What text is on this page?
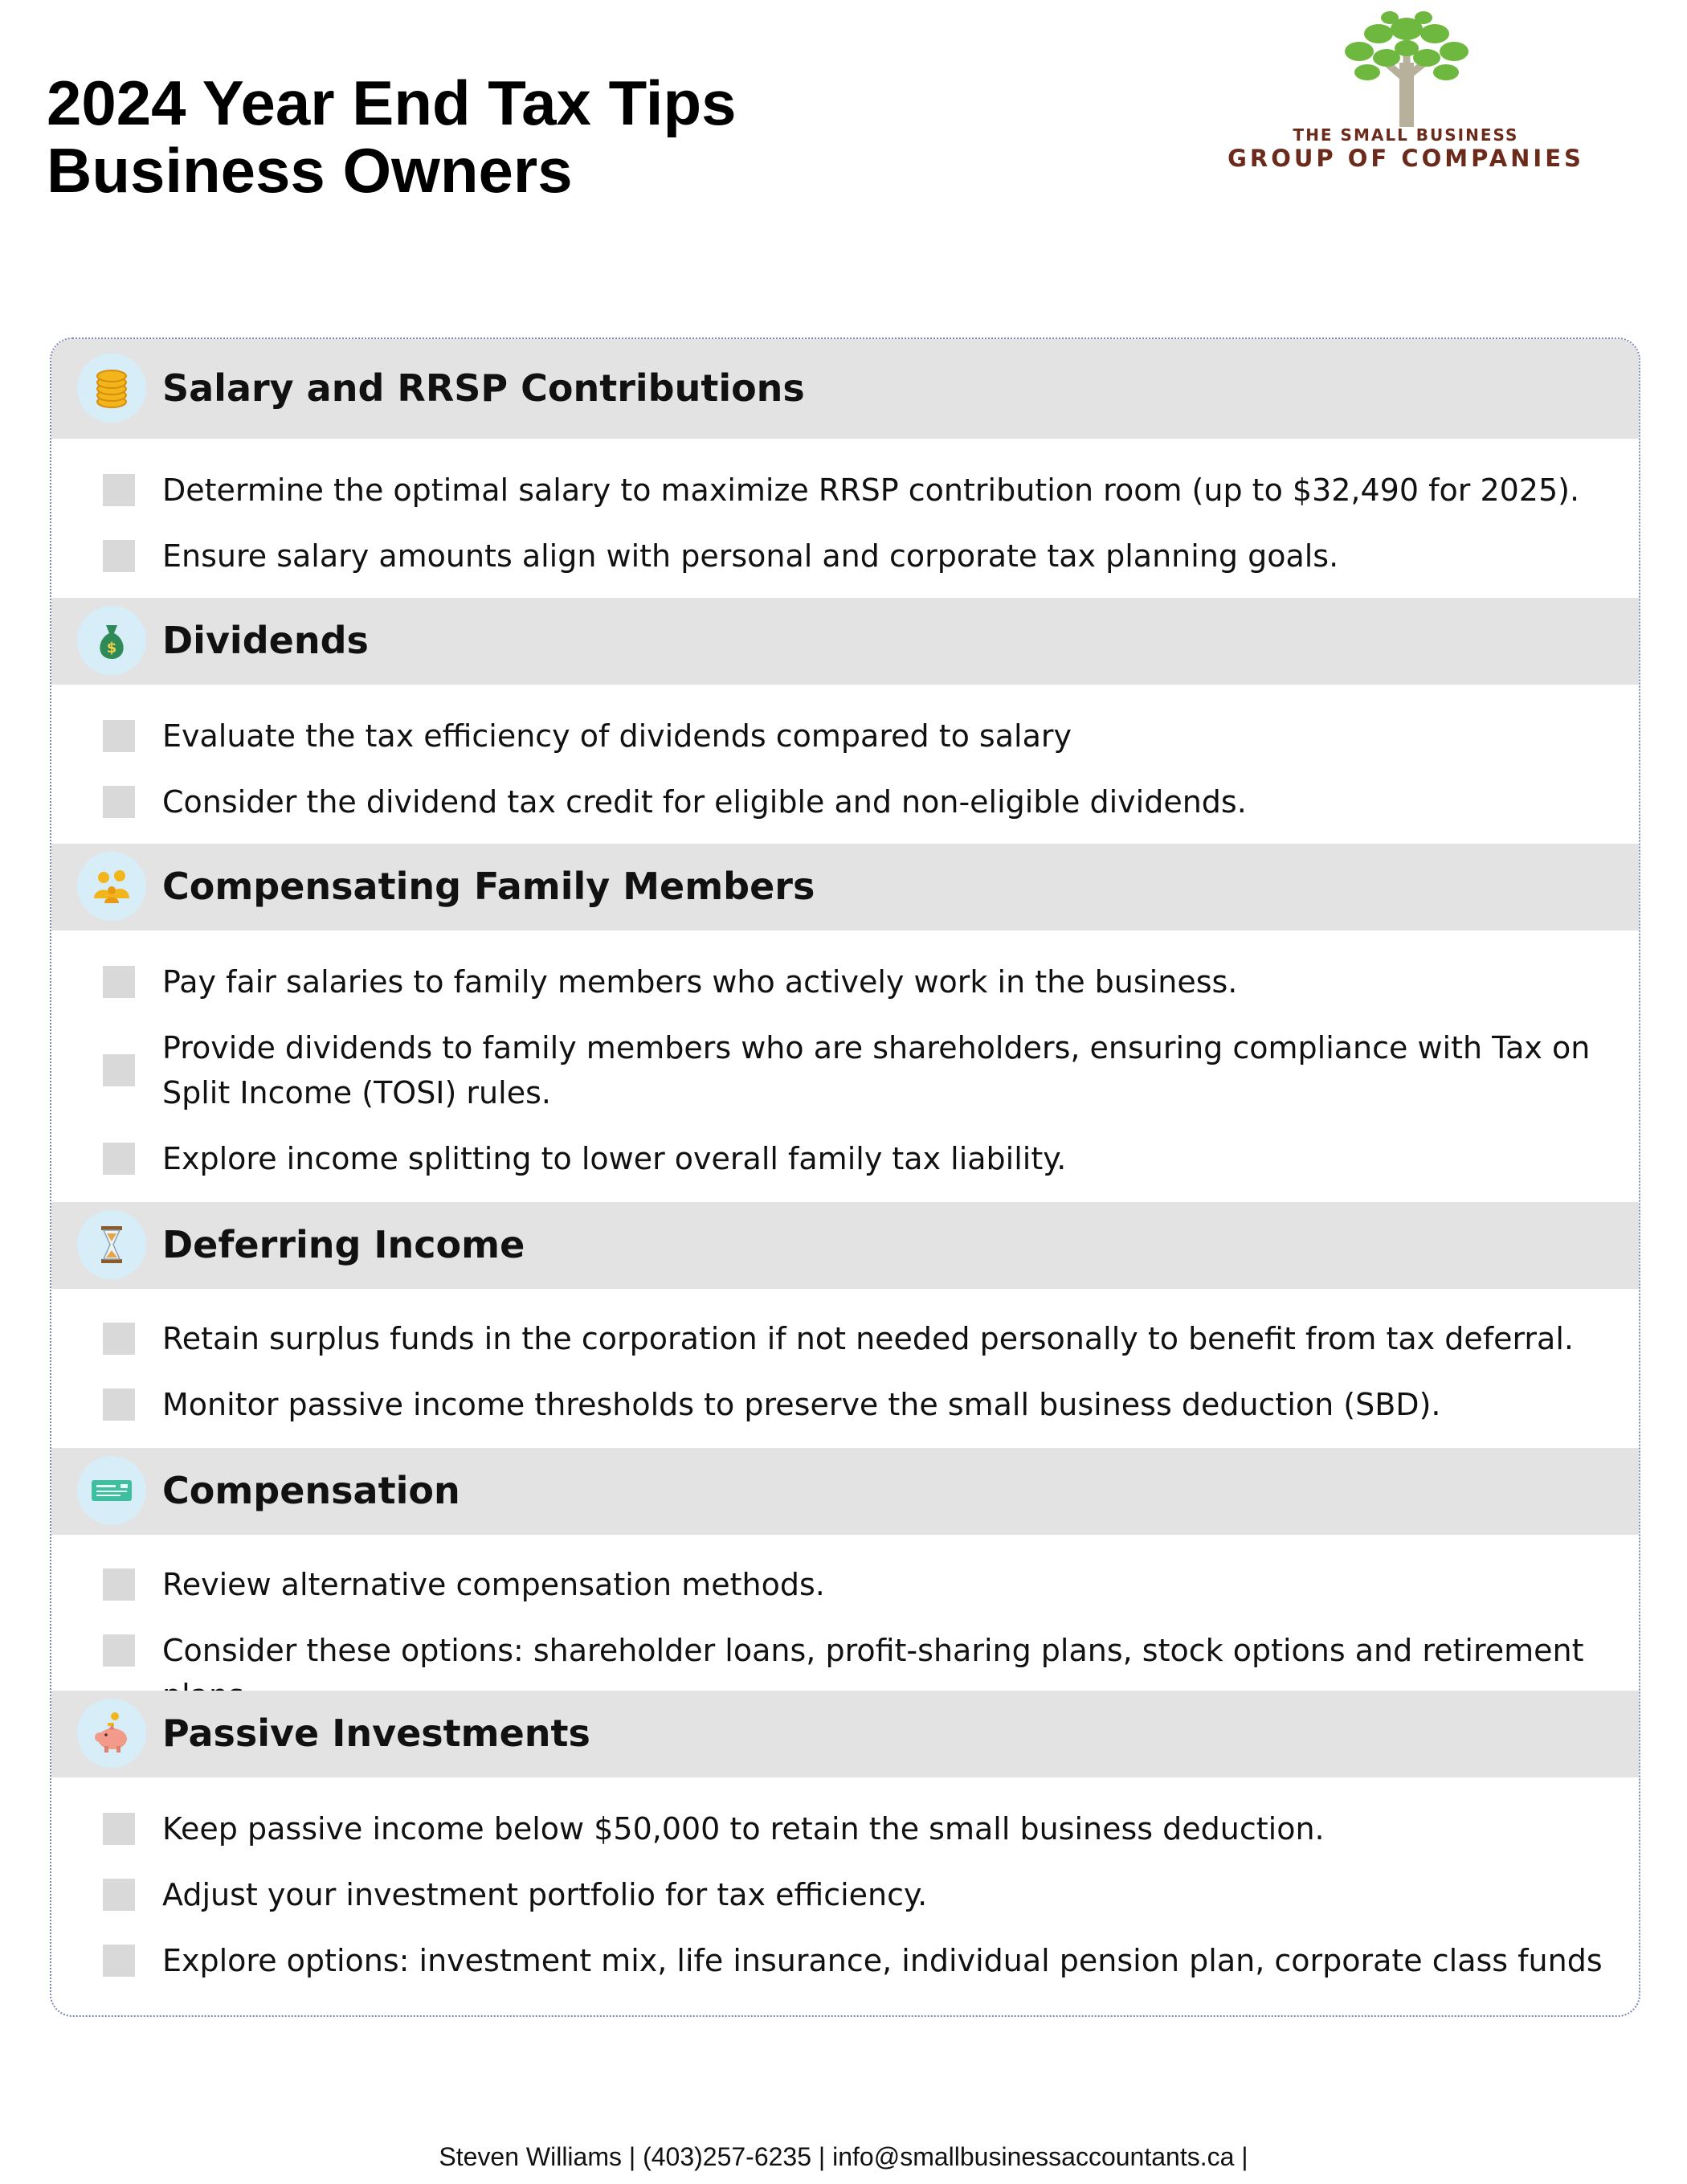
2024 Year End Tax Tips
Business Owners	THE SMALL BUSINESS
GROUP OF COMPANIES
Salary and RRSP Contributions
Determine the optimal salary to maximize RRSP contribution room (up to $32,490 for 2025).
Ensure salary amounts align with personal and corporate tax planning goals.
$ Dividends
Evaluate the tax efficiency of dividends compared to salary
Consider the dividend tax credit for eligible and non-eligible dividends.
Compensating Family Members
Pay fair salaries to family members who actively work in the business.
Provide dividends to family members who are shareholders, ensuring compliance with Tax on Split Income (TOSI) rules.
Explore income splitting to lower overall family tax liability.
Deferring Income
Retain surplus funds in the corporation if not needed personally to benefit from tax deferral.
Monitor passive income thresholds to preserve the small business deduction (SBD).
Compensation
Review alternative compensation methods.
Consider these options: shareholder loans, profit-sharing plans, stock options and retirement
Passive Investments
Keep passive income below $50,000 to retain the small business deduction.
Adjust your investment portfolio for tax efficiency.
Explore options: investment mix, life insurance, individual pension plan, corporate class funds
Steven Williams | (403)257-6235 | info@smallbusinessaccountants.ca |
